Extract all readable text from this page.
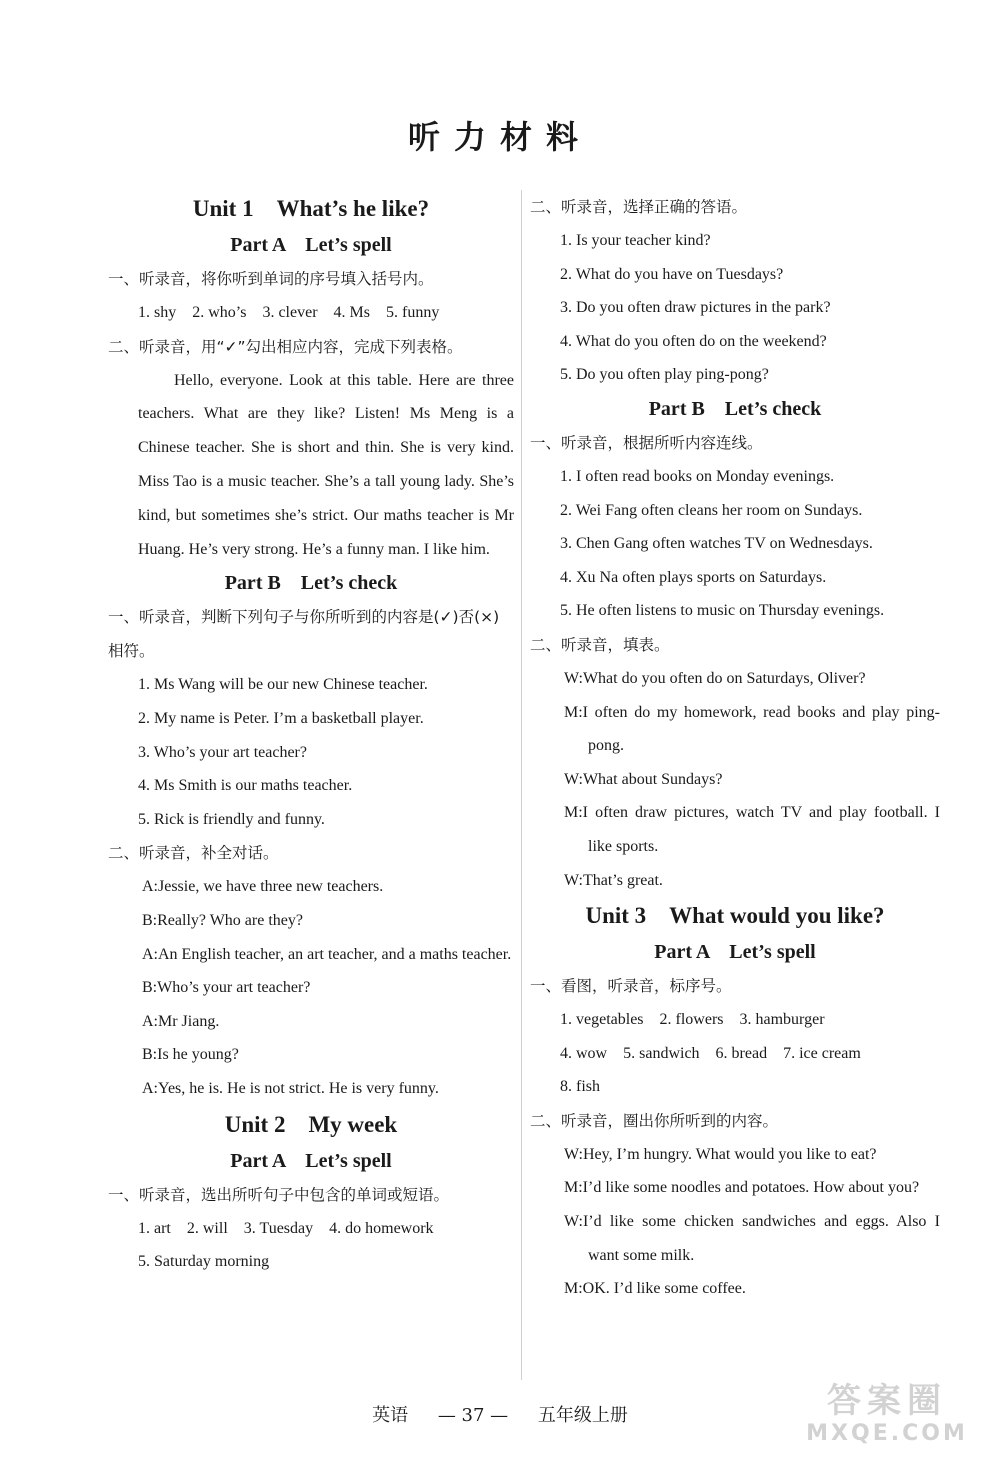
听力材料
Unit 1　What’s he like?
Part A　Let’s spell

一、听录音，将你听到单词的序号填入括号内。

1. shy　2. who’s　3. clever　4. Ms　5. funny

二、听录音，用“✓”勾出相应内容，完成下列表格。

Hello, everyone. Look at this table. Here are three teachers. What are they like? Listen! Ms Meng is a Chinese teacher. She is short and thin. She is very kind. Miss Tao is a music teacher. She’s a tall young lady. She’s kind, but sometimes she’s strict. Our maths teacher is Mr Huang. He’s very strong. He’s a funny man. I like him.

Part B　Let’s check

一、听录音，判断下列句子与你所听到的内容是(✓)否(×)相符。

1. Ms Wang will be our new Chinese teacher.

2. My name is Peter. I’m a basketball player.

3. Who’s your art teacher?

4. Ms Smith is our maths teacher.

5. Rick is friendly and funny.

二、听录音，补全对话。

A:Jessie, we have three new teachers.

B:Really? Who are they?

A:An English teacher, an art teacher, and a maths teacher.

B:Who’s your art teacher?

A:Mr Jiang.

B:Is he young?

A:Yes, he is. He is not strict. He is very funny.

Unit 2　My week
Part A　Let’s spell

一、听录音，选出所听句子中包含的单词或短语。

1. art　2. will　3. Tuesday　4. do homework

5. Saturday morning

二、听录音，选择正确的答语。

1. Is your teacher kind?

2. What do you have on Tuesdays?

3. Do you often draw pictures in the park?

4. What do you often do on the weekend?

5. Do you often play ping-pong?

Part B　Let’s check

一、听录音，根据所听内容连线。

1. I often read books on Monday evenings.

2. Wei Fang often cleans her room on Sundays.

3. Chen Gang often watches TV on Wednesdays.

4. Xu Na often plays sports on Saturdays.

5. He often listens to music on Thursday evenings.

二、听录音，填表。

W:What do you often do on Saturdays, Oliver?

M:I often do my homework, read books and play ping-pong.

W:What about Sundays?

M:I often draw pictures, watch TV and play football. I like sports.

W:That’s great.

Unit 3　What would you like?
Part A　Let’s spell

一、看图，听录音，标序号。

1. vegetables　2. flowers　3. hamburger

4. wow　5. sandwich　6. bread　7. ice cream

8. fish

二、听录音，圈出你所听到的内容。

W:Hey, I’m hungry. What would you like to eat?

M:I’d like some noodles and potatoes. How about you?

W:I’d like some chicken sandwiches and eggs. Also I want some milk.

M:OK. I’d like some coffee.

英语 — 37 — 五年级上册	答案圈
MXQE.COM
